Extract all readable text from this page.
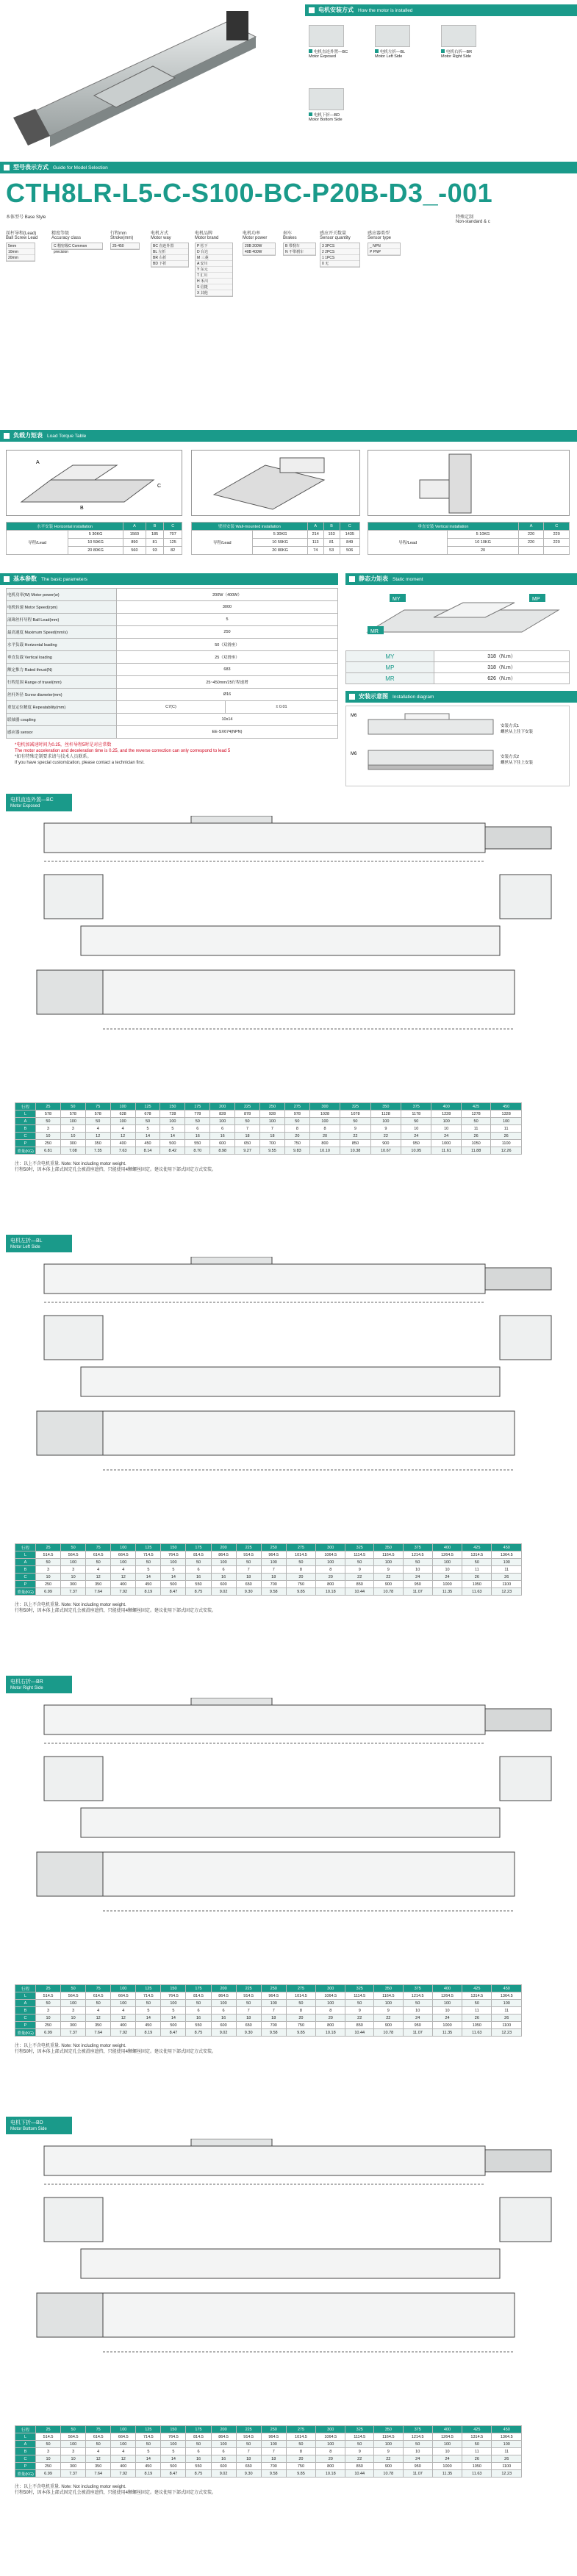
电机安装方式 How the motor is installed
电机直连外置—BC
Motor Exposed
电机左折—BL
Motor Left Side
电机右折—BR
Motor Right Side
电机下折—BD
Motor Bottom Side
型号表示方式 Guide for Model Selection
CTH8LR-L5-C-S100-BC-P20B-D3_-001
本体型号 Base Style
丝杆导程(Lead)
Ball Screw Lead
精度等级
Accuracy class
行程mm
Stroke(mm)
电机方式
Motor way
电机品牌
Motor brand
电机功率
Motor power
刹车
Brakes
感应开关数量
Sensor quantity
感应器类型
Sensor type
特殊定制
Non-standard & c
5mm
10mm
20mm
C 精密级C Common precision
25-450	BC 直连外置
BL 左折
BR 右折
BD 下折
P 松下
D 台达
M 三菱
A 安川
Y 东元
T 汇川
H 禾川
S 信捷
X 其他
20B 200W
40B 400W
B 带刹车
N 不带刹车
3 3PCS
2 2PCS
1 1PCS
0 无
_ NPN
P PNP
负载力矩表 Load Torque Table
A
B
C
水平安装 Horizontal installation		A	B	C
导程/Lead	5 30KG	1560	185	707
	10 59KG	890	81	125
	20 80KG	560	93	82
壁挂安装 Wall-mounted installation		A	B	C
导程/Lead	5 30KG	214	153	1435
	10 59KG	113	81	849
	20 80KG	74	53	506
垂直安装 Vertical installation		A	C
导程/Lead	5 10KG	220	220
	10 10KG	220	220
	20		
基本参数 The basic parameters
电机功率(W) Motor power(w)	200W（400W）	
电机转速 Motor Speed(rpm)	3000	
滚珠丝杆导程 Ball Lead(mm)	5	
最高速度 Maximum Speed(mm/s)	250	
水平负载 Horizontal loading	50（双滑座）	
垂直负载 Vertical loading	25（双滑座）	
额定推力 Rated thrust(N)	683	
行程范围 Range of travel(mm)	25~450mm/25行程递增	
丝杆外径 Screw diameter(mm)	Ø16	
重复定位精度 Repeatability(mm)	C7(C)	± 0.01
联轴器 coupling	10x14	
感应器 sensor	EE-SX674(NPN)	
*电机加减速时间为0.25，丝杆导程5时是对应常数
The motor acceleration and deceleration time is 0.25, and the reverse correction can only correspond to lead 5
*如有特殊定制要求请与技术人员联系。
If you have special customization, please contact a technician first.
静态力矩表 Static moment
MY
MR
MP
MY	318（N.m）
MP	318（N.m）
MR	626（N.m）
安装示意图 Installation diagram
M6
M6
安装方式1
螺丝从上往下安装
安装方式2
螺丝从下往上安装
电机直连外置—BC
Motor Exposed
行程	25	50	75	100	125	150	175	200	225	250	275	300	325	350	375	400	425	450
L	578	578	578	628	678	728	778	828	878	928	978	1028	1078	1128	1178	1228	1278	1328
A	50	100	50	100	50	100	50	100	50	100	50	100	50	100	50	100	50	100
B	3	3	4	4	5	5	6	6	7	7	8	8	9	9	10	10	11	11
C	10	10	12	12	14	14	16	16	18	18	20	20	22	22	24	24	26	26
P	250	300	350	400	450	500	550	600	650	700	750	800	850	900	950	1000	1050	1100
重量(KG)	6.81	7.08	7.35	7.63	8.14	8.42	8.70	8.98	9.27	9.55	9.83	10.10	10.38	10.67	10.95	11.61	11.88	12.26
注：以上不含电机重量. Note: Not including motor weight.
行程50时，因本体上部式固定孔会被滑座遮挡，只能使用4颗螺丝固定。建议使用下部式固定方式安装。
电机左折—BL
Motor Left Side
行程	25	50	75	100	125	150	175	200	225	250	275	300	325	350	375	400	425	450
L	514.5	564.5	614.5	664.5	714.5	764.5	814.5	864.5	914.5	964.5	1014.5	1064.5	1114.5	1164.5	1214.5	1264.5	1314.5	1364.5
A	50	100	50	100	50	100	50	100	50	100	50	100	50	100	50	100	50	100
B	3	3	4	4	5	5	6	6	7	7	8	8	9	9	10	10	11	11
C	10	10	12	12	14	14	16	16	18	18	20	20	22	22	24	24	26	26
P	250	300	350	400	450	500	550	600	650	700	750	800	850	900	950	1000	1050	1100
重量(KG)	6.99	7.37	7.64	7.92	8.19	8.47	8.75	9.02	9.30	9.58	9.85	10.18	10.44	10.78	11.07	11.35	11.63	12.23
注：以上不含电机重量. Note: Not including motor weight.
行程50时，因本体上部式固定孔会被滑座遮挡，只能使用4颗螺丝固定。建议使用下部式固定方式安装。
电机右折—BR
Motor Right Side
行程	25	50	75	100	125	150	175	200	225	250	275	300	325	350	375	400	425	450
L	514.5	564.5	614.5	664.5	714.5	764.5	814.5	864.5	914.5	964.5	1014.5	1064.5	1114.5	1164.5	1214.5	1264.5	1314.5	1364.5
A	50	100	50	100	50	100	50	100	50	100	50	100	50	100	50	100	50	100
B	3	3	4	4	5	5	6	6	7	7	8	8	9	9	10	10	11	11
C	10	10	12	12	14	14	16	16	18	18	20	20	22	22	24	24	26	26
P	250	300	350	400	450	500	550	600	650	700	750	800	850	900	950	1000	1050	1100
重量(KG)	6.99	7.37	7.64	7.92	8.19	8.47	8.75	9.02	9.30	9.58	9.85	10.18	10.44	10.78	11.07	11.35	11.63	12.23
注：以上不含电机重量. Note: Not including motor weight.
行程50时，因本体上部式固定孔会被滑座遮挡，只能使用4颗螺丝固定。建议使用下部式固定方式安装。
电机下折—BD
Motor Bottom Side
行程	25	50	75	100	125	150	175	200	225	250	275	300	325	350	375	400	425	450
L	514.5	564.5	614.5	664.5	714.5	764.5	814.5	864.5	914.5	964.5	1014.5	1064.5	1114.5	1164.5	1214.5	1264.5	1314.5	1364.5
A	50	100	50	100	50	100	50	100	50	100	50	100	50	100	50	100	50	100
B	3	3	4	4	5	5	6	6	7	7	8	8	9	9	10	10	11	11
C	10	10	12	12	14	14	16	16	18	18	20	20	22	22	24	24	26	26
P	250	300	350	400	450	500	550	600	650	700	750	800	850	900	950	1000	1050	1100
重量(KG)	6.99	7.37	7.64	7.92	8.19	8.47	8.75	9.02	9.30	9.58	9.85	10.18	10.44	10.78	11.07	11.35	11.63	12.23
注：以上不含电机重量. Note: Not including motor weight.
行程50时，因本体上部式固定孔会被滑座遮挡，只能使用4颗螺丝固定。建议使用下部式固定方式安装。
